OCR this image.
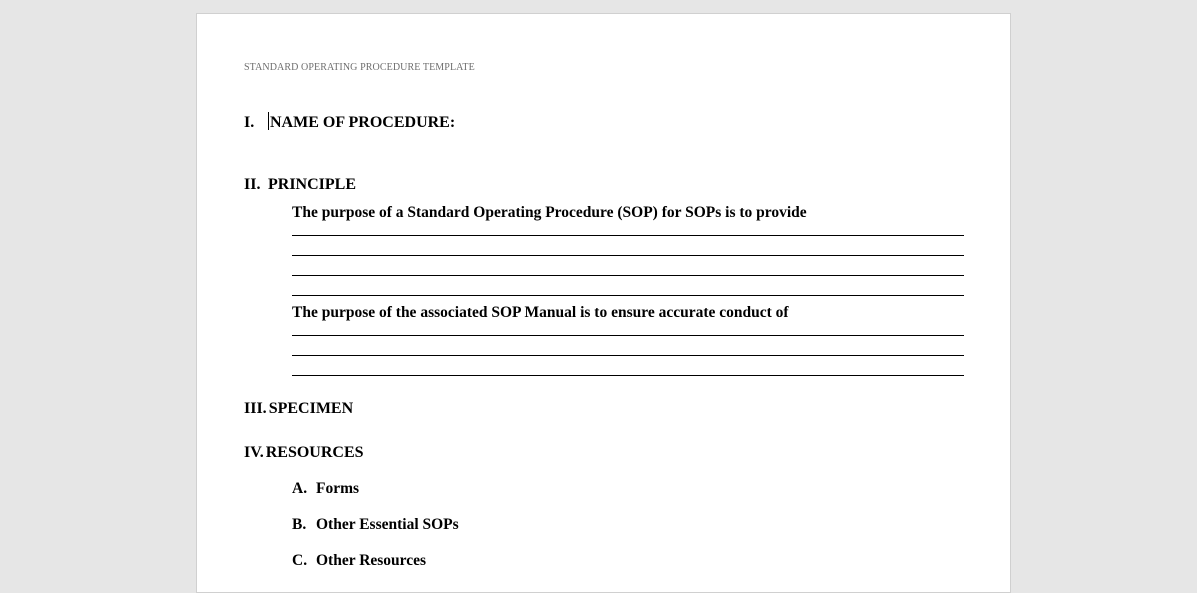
STANDARD OPERATING PROCEDURE TEMPLATE
I. NAME OF PROCEDURE:
II. PRINCIPLE
The purpose of a Standard Operating Procedure (SOP) for SOPs is to provide
The purpose of the associated SOP Manual is to ensure accurate conduct of
III. SPECIMEN
IV. RESOURCES
A. Forms
B. Other Essential SOPs
C. Other Resources
